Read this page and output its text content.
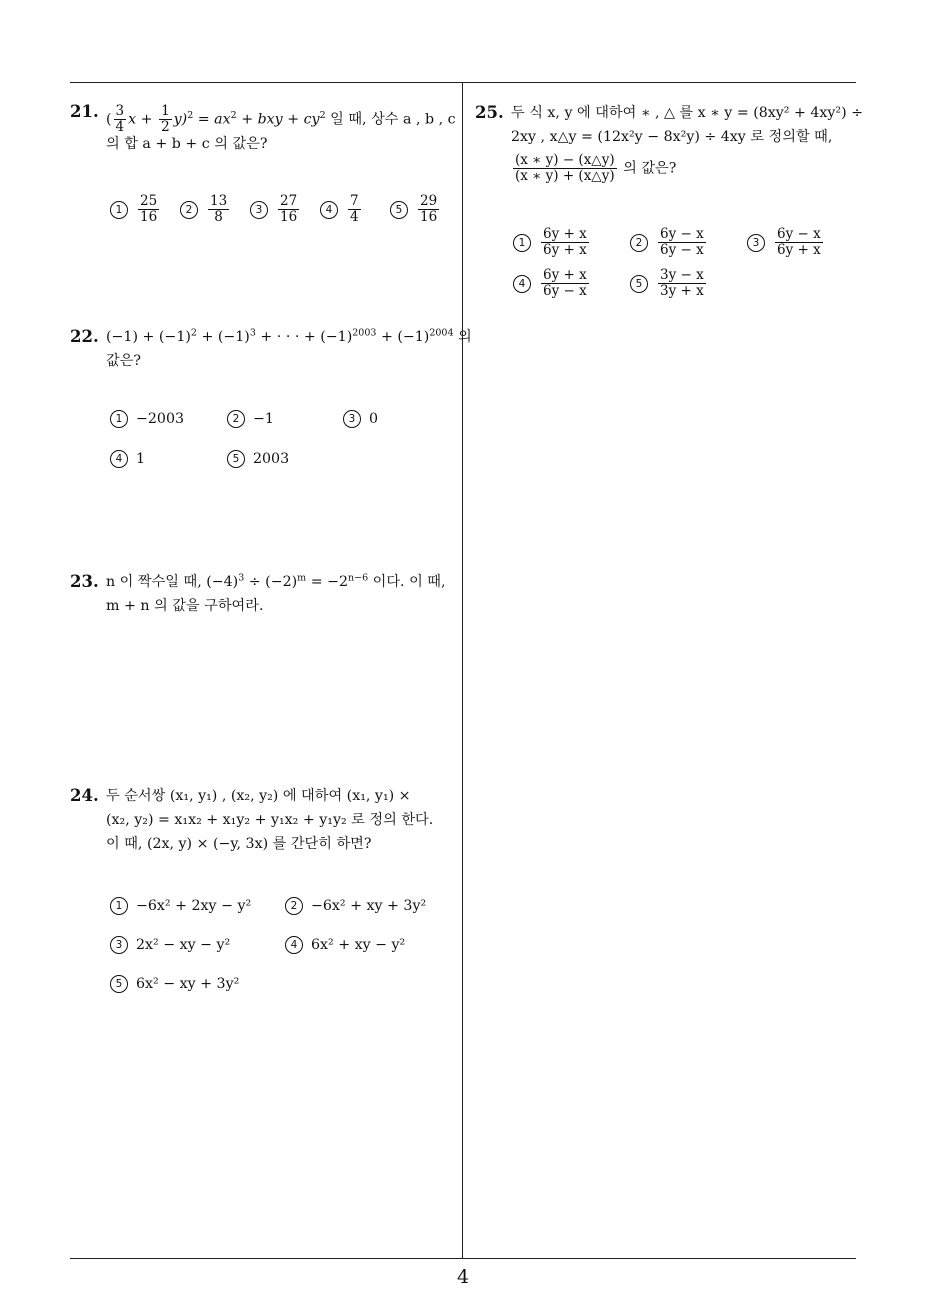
4
21. ( $\frac{3}{4}$ $x + \frac{1}{2} y)^2 = ax^2$ + bxy + $cy^2$ 일 때, 상수 a , b , c
의 합 a + b + c 의 값은?
$1 \frac{25}{16}$	$2 \frac{13}{8}$	$3 \frac{27}{16}$	$4 \frac{7}{4}$	$5 \frac{29}{16}$
22. $(-1) + (-1)^2 + (-1)^3$ + · · · + $(-1)^{2003} + (-1)^{2004}$ 의
값은?
1 −2003	2 −1	3 0
4 1	5 2003
23. n 이 짝수일 때, $(-4)^3 \div (-2)^m = -2^{n-6}$ 이다. 이 때,
m + n 의 값을 구하여라.
24. 두 순서쌍 (x₁, y₁) , (x₂, y₂) 에 대하여 (x₁, y₁) ×
(x₂, y₂) = x₁x₂ + x₁y₂ + y₁x₂ + y₁y₂ 로 정의 한다.
이 때, (2x, y) × (−y, 3x) 를 간단히 하면?
1 −6x² + 2xy − y²	2 −6x² + xy + 3y²
3 2x² − xy − y²	4 6x² + xy − y²
5 6x² − xy + 3y²
25. 두 식 x, y 에 대하여 ∗ , △ 를 x ∗ y = (8xy² + 4xy²) ÷
2xy , x△y = (12x²y − 8x²y) ÷ 4xy 로 정의할 때,
$\frac{(x ∗ y) - (x\triangle y)}{(x ∗ y) + (x\triangle y)}$ 의 값은?
$1 \frac{6y + x}{6y + x}$	$2 \frac{6y - x}{6y - x}$	$3 \frac{6y - x}{6y + x}$
$4 \frac{6y + x}{6y - x}$	$5 \frac{3y - x}{3y + x}$
